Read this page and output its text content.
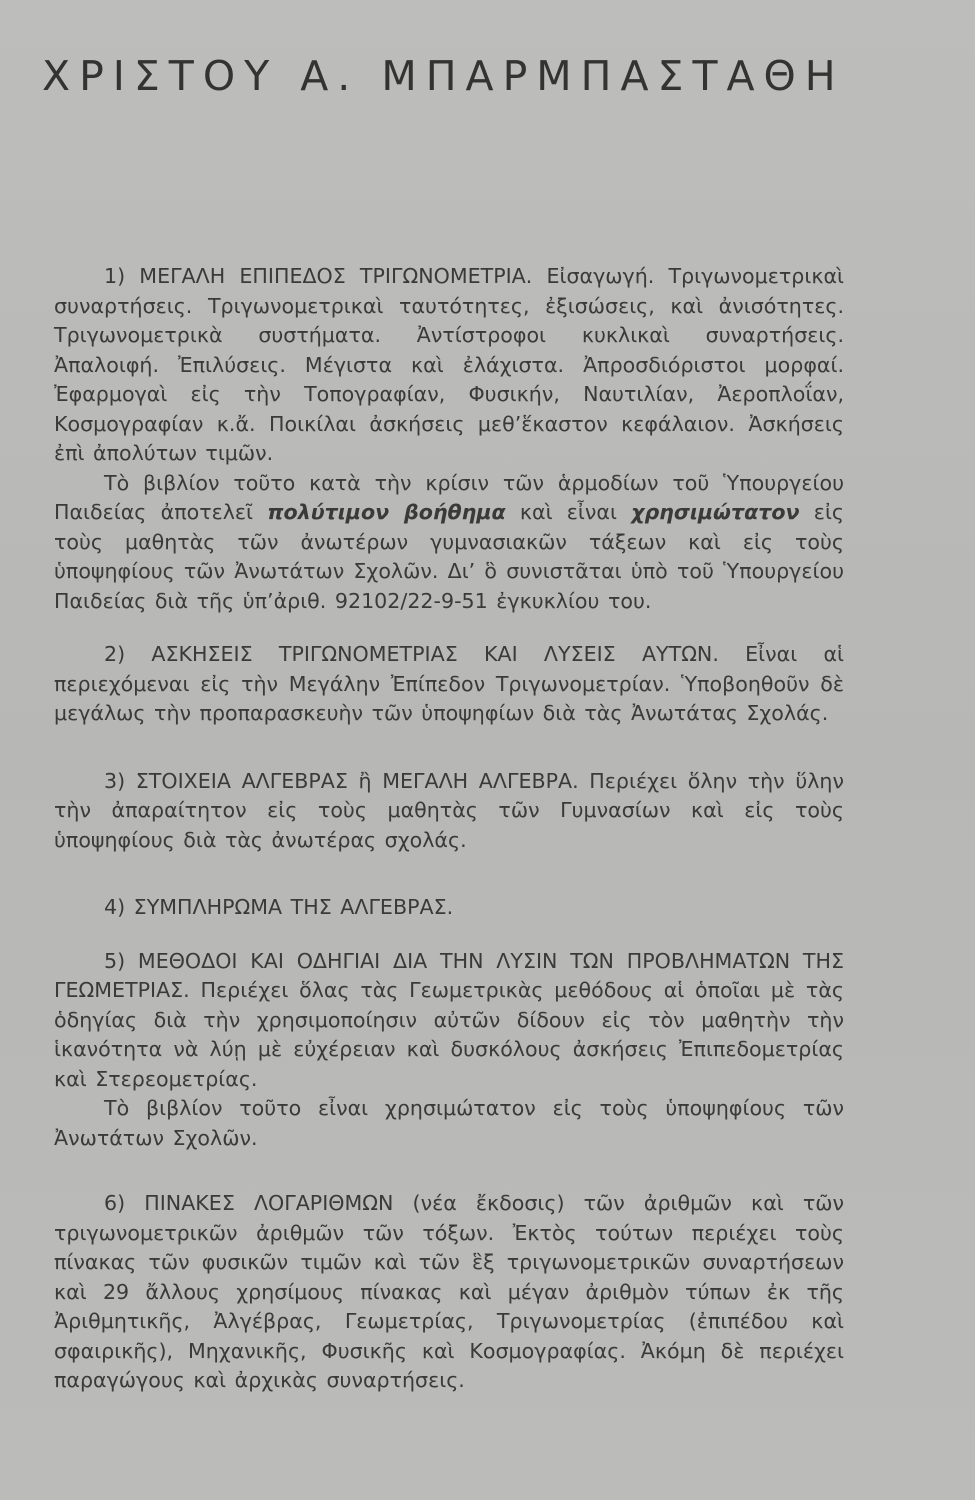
ΧΡΙΣΤΟΥ Α. ΜΠΑΡΜΠΑΣΤΑΘΗ

1) ΜΕΓΑΛΗ ΕΠΙΠΕΔΟΣ ΤΡΙΓΩΝΟΜΕΤΡΙΑ. Εἰσαγωγή. Τριγωνομετρικαὶ συναρτήσεις. Τριγωνομετρικαὶ ταυτότητες, ἐξισώσεις, καὶ ἀνισότητες. Τριγωνομετρικὰ συστήματα. Ἀντίστροφοι κυκλικαὶ συναρτήσεις. Ἀπαλοιφή. Ἐπιλύσεις. Μέγιστα καὶ ἐλάχιστα. Ἀπροσδιόριστοι μορφαί. Ἐφαρμογαὶ εἰς τὴν Τοπογραφίαν, Φυσικήν, Ναυτιλίαν, Ἀεροπλοΐαν, Κοσμογραφίαν κ.ἄ. Ποικίλαι ἀσκήσεις μεθ’ἕκαστον κεφάλαιον. Ἀσκήσεις ἐπὶ ἀπολύτων τιμῶν.

Τὸ βιβλίον τοῦτο κατὰ τὴν κρίσιν τῶν ἁρμοδίων τοῦ Ὑπουργείου Παιδείας ἀποτελεῖ πολύτιμον βοήθημα καὶ εἶναι χρησιμώτατον εἰς τοὺς μαθητὰς τῶν ἀνωτέρων γυμνασιακῶν τάξεων καὶ εἰς τοὺς ὑποψηφίους τῶν Ἀνωτάτων Σχολῶν. Δι’ ὃ συνιστᾶται ὑπὸ τοῦ Ὑπουργείου Παιδείας διὰ τῆς ὑπ’ἀριθ. 92102/22-9-51 ἐγκυκλίου του.

2) ΑΣΚΗΣΕΙΣ ΤΡΙΓΩΝΟΜΕΤΡΙΑΣ ΚΑΙ ΛΥΣΕΙΣ ΑΥΤΩΝ. Εἶναι αἱ περιεχόμεναι εἰς τὴν Μεγάλην Ἐπίπεδον Τριγωνομετρίαν. Ὑποβοηθοῦν δὲ μεγάλως τὴν προπαρασκευὴν τῶν ὑποψηφίων διὰ τὰς Ἀνωτάτας Σχολάς.

3) ΣΤΟΙΧΕΙΑ ΑΛΓΕΒΡΑΣ ἢ ΜΕΓΑΛΗ ΑΛΓΕΒΡΑ. Περιέχει ὅλην τὴν ὕλην τὴν ἀπαραίτητον εἰς τοὺς μαθητὰς τῶν Γυμνασίων καὶ εἰς τοὺς ὑποψηφίους διὰ τὰς ἀνωτέρας σχολάς.

4) ΣΥΜΠΛΗΡΩΜΑ ΤΗΣ ΑΛΓΕΒΡΑΣ.

5) ΜΕΘΟΔΟΙ ΚΑΙ ΟΔΗΓΙΑΙ ΔΙΑ ΤΗΝ ΛΥΣΙΝ ΤΩΝ ΠΡΟΒΛΗΜΑΤΩΝ ΤΗΣ ΓΕΩΜΕΤΡΙΑΣ. Περιέχει ὅλας τὰς Γεωμετρικὰς μεθόδους αἱ ὁποῖαι μὲ τὰς ὁδηγίας διὰ τὴν χρησιμοποίησιν αὐτῶν δίδουν εἰς τὸν μαθητὴν τὴν ἱκανότητα νὰ λύῃ μὲ εὐχέρειαν καὶ δυσκόλους ἀσκήσεις Ἐπιπεδομετρίας καὶ Στερεομετρίας.

Τὸ βιβλίον τοῦτο εἶναι χρησιμώτατον εἰς τοὺς ὑποψηφίους τῶν Ἀνωτάτων Σχολῶν.

6) ΠΙΝΑΚΕΣ ΛΟΓΑΡΙΘΜΩΝ (νέα ἔκδοσις) τῶν ἀριθμῶν καὶ τῶν τριγωνομετρικῶν ἀριθμῶν τῶν τόξων. Ἐκτὸς τούτων περιέχει τοὺς πίνακας τῶν φυσικῶν τιμῶν καὶ τῶν ἓξ τριγωνομετρικῶν συναρτήσεων καὶ 29 ἄλλους χρησίμους πίνακας καὶ μέγαν ἀριθμὸν τύπων ἐκ τῆς Ἀριθμητικῆς, Ἀλγέβρας, Γεωμετρίας, Τριγωνομετρίας (ἐπιπέδου καὶ σφαιρικῆς), Μηχανικῆς, Φυσικῆς καὶ Κοσμογραφίας. Ἀκόμη δὲ περιέχει παραγώγους καὶ ἀρχικὰς συναρτήσεις.
